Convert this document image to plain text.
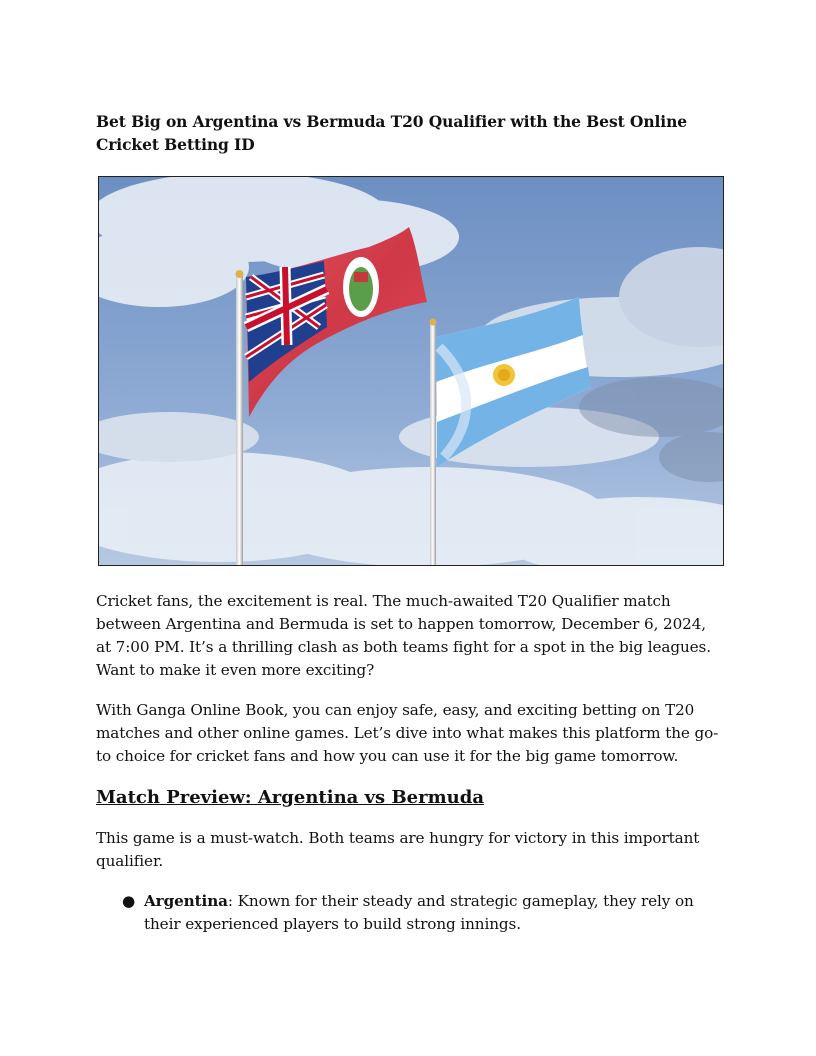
Bet Big on Argentina vs Bermuda T20 Qualifier with the Best Online Cricket Betting ID

Cricket fans, the excitement is real. The much-awaited T20 Qualifier match between Argentina and Bermuda is set to happen tomorrow, December 6, 2024, at 7:00 PM. It’s a thrilling clash as both teams fight for a spot in the big leagues. Want to make it even more exciting?

With Ganga Online Book, you can enjoy safe, easy, and exciting betting on T20 matches and other online games. Let’s dive into what makes this platform the go-to choice for cricket fans and how you can use it for the big game tomorrow.

Match Preview: Argentina vs Bermuda

This game is a must-watch. Both teams are hungry for victory in this important qualifier.

● Argentina: Known for their steady and strategic gameplay, they rely on their experienced players to build strong innings.
